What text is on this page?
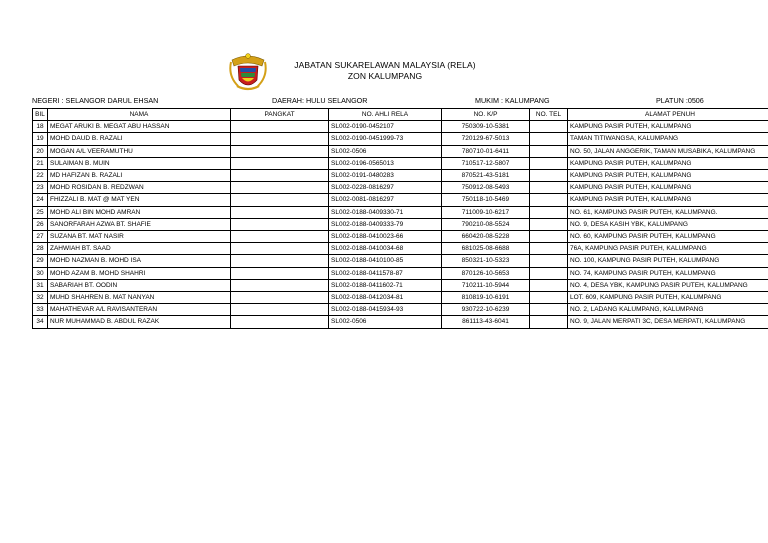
JABATAN SUKARELAWAN MALAYSIA (RELA)
ZON KALUMPANG
NEGERI : SELANGOR DARUL EHSAN	DAERAH: HULU SELANGOR	MUKIM : KALUMPANG	PLATUN :0506
BIL	NAMA	PANGKAT	NO. AHLI RELA	NO. K/P	NO. TEL	ALAMAT PENUH
18	MEGAT ARUKI B. MEGAT ABU HASSAN		SL002-0190-0452107	750309-10-5381		KAMPUNG PASIR PUTEH, KALUMPANG
19	MOHD DAUD B. RAZALI		SL002-0190-0451999-73	720129-67-5013		TAMAN TITIWANGSA, KALUMPANG
20	MOGAN A/L VEERAMUTHU		SL002-0506	780710-01-6411		NO. 50, JALAN ANGGERIK, TAMAN MUSABIKA, KALUMPANG
21	SULAIMAN B. MUIN		SL002-0196-0565013	710517-12-5807		KAMPUNG PASIR PUTEH, KALUMPANG
22	MD HAFIZAN B. RAZALI		SL002-0191-0480283	870521-43-5181		KAMPUNG PASIR PUTEH, KALUMPANG
23	MOHD ROSIDAN B. REDZWAN		SL002-0228-0816297	750912-08-5493		KAMPUNG PASIR PUTEH, KALUMPANG
24	FHIZZALI B. MAT @ MAT YEN		SL002-0081-0816297	750118-10-5469		KAMPUNG PASIR PUTEH, KALUMPANG
25	MOHD ALI BIN MOHD AMRAN		SL002-0188-0409330-71	711009-10-6217		NO. 61, KAMPUNG PASIR PUTEH, KALUMPANG.
26	SANORFARAH AZWA BT. SHAFIE		SL002-0188-0409333-79	790210-08-5524		NO. 9, DESA KASIH YBK, KALUMPANG
27	SUZANA BT. MAT NASIR		SL002-0188-0410023-66	660420-08-5228		NO. 60, KAMPUNG PASIR PUTEH, KALUMPANG
28	ZAHWIAH BT. SAAD		SL002-0188-0410034-68	681025-08-6688		76A, KAMPUNG PASIR PUTEH, KALUMPANG
29	MOHD NAZMAN B. MOHD ISA		SL002-0188-0410100-85	850321-10-5323		NO. 100, KAMPUNG PASIR PUTEH, KALUMPANG
30	MOHD AZAM B. MOHD SHAHRI		SL002-0188-0411578-87	870126-10-5653		NO. 74, KAMPUNG PASIR PUTEH, KALUMPANG
31	SABARIAH BT. OODIN		SL002-0188-0411602-71	710211-10-5944		NO. 4, DESA YBK, KAMPUNG PASIR PUTEH, KALUMPANG
32	MUHD SHAHREN B. MAT NANYAN		SL002-0188-0412034-81	810819-10-6191		LOT. 609, KAMPUNG PASIR PUTEH, KALUMPANG
33	MAHATHEVAR A/L RAVISANTERAN		SL002-0188-0415934-93	930722-10-6239		NO. 2, LADANG KALUMPANG, KALUMPANG
34	NUR MUHAMMAD B. ABDUL RAZAK		SL002-0506	861113-43-6041		NO. 9, JALAN MERPATI 3C, DESA MERPATI, KALUMPANG
